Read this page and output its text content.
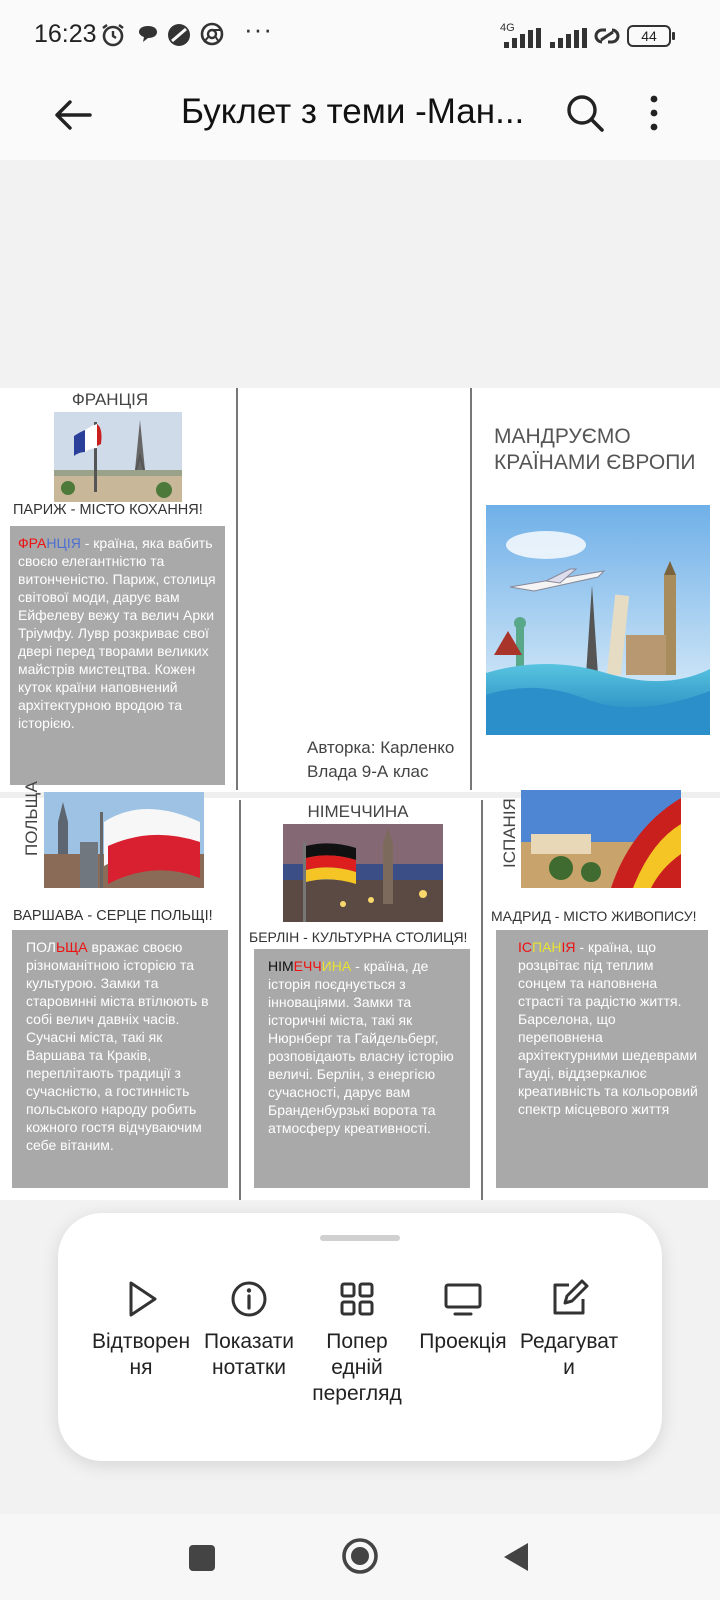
16:23	···	4G	44
Буклет з теми -Ман...
ФРАНЦІЯ
ПАРИЖ - МІСТО КОХАННЯ!
ФРАНЦІЯ - країна, яка вабить своєю елегантністю та витонченістю. Париж, столиця світової моди, дарує вам Ейфелеву вежу та велич Арки Тріумфу. Лувр розкриває свої двері перед творами великих майстрів мистецтва. Кожен куток країни наповнений архітектурною вродою та історією.
Авторка: Карленко Влада 9-А клас
МАНДРУЄМО КРАЇНАМИ ЄВРОПИ
ПОЛЬЩА
ВАРШАВА - СЕРЦЕ ПОЛЬЩІ!
ПОЛЬЩА вражає своєю різноманітною історією та культурою. Замки та старовинні міста втілюють в собі велич давніх часів. Сучасні міста, такі як Варшава та Краків, переплітають традиції з сучасністю, а гостинність польського народу робить кожного гостя відчуваючим себе вітаним.
НІМЕЧЧИНА
БЕРЛІН - КУЛЬТУРНА СТОЛИЦЯ!
НІМЕЧЧИНА - країна, де історія поєднується з інноваціями. Замки та історичні міста, такі як Нюрнберг та Гайдельберг, розповідають власну історію величі. Берлін, з енергією сучасності, дарує вам Бранденбурзькі ворота та атмосферу креативності.
ІСПАНІЯ
МАДРИД - МІСТО ЖИВОПИСУ!
ІСПАНІЯ - країна, що розцвітає під теплим сонцем та наповнена страсті та радістю життя. Барселона, що переповнена архітектурними шедеврами Гауді, віддзеркалює креативність та кольоровий спектр місцевого життя
Відтворен
ня
Показати
нотатки
Попер
едній
перегляд
Проекція Редагуват
и
